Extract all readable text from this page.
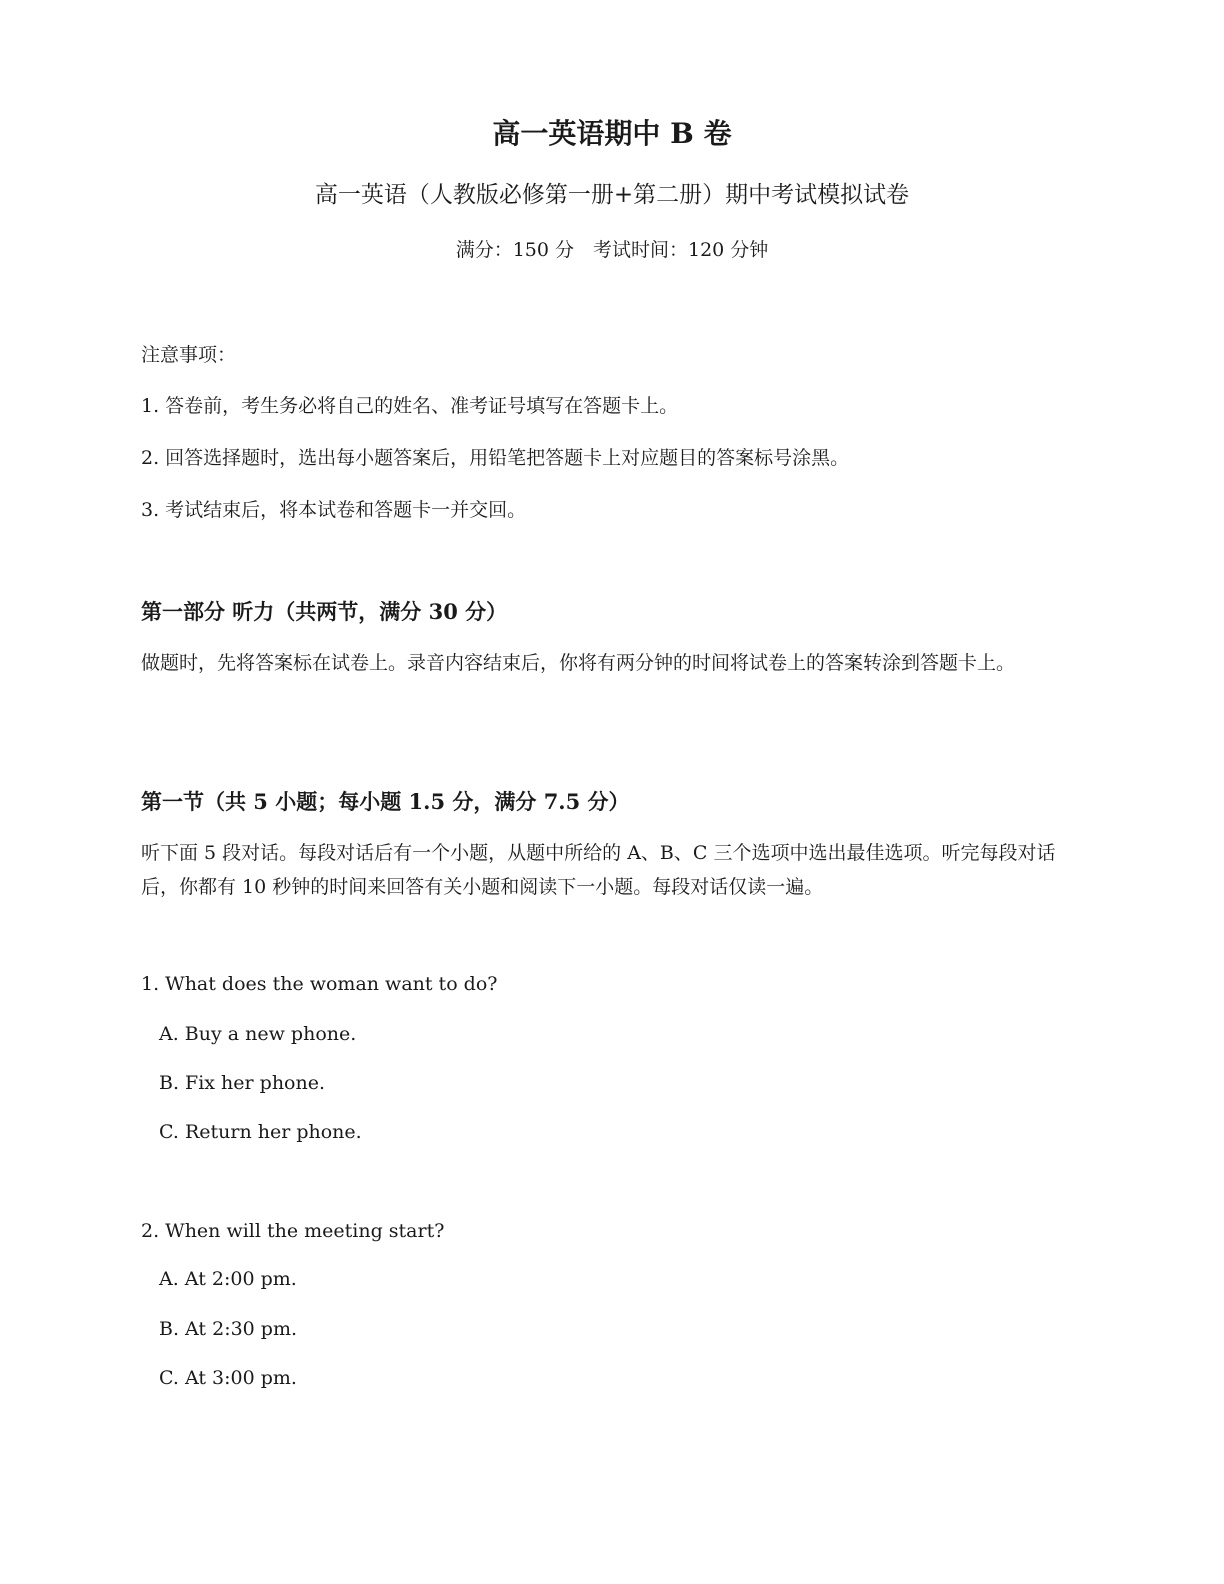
高一英语期中 B 卷

高一英语（人教版必修第一册+第二册）期中考试模拟试卷

满分：150 分　考试时间：120 分钟

注意事项：

1. 答卷前，考生务必将自己的姓名、准考证号填写在答题卡上。

2. 回答选择题时，选出每小题答案后，用铅笔把答题卡上对应题目的答案标号涂黑。

3. 考试结束后，将本试卷和答题卡一并交回。

第一部分 听力（共两节，满分 30 分）

做题时，先将答案标在试卷上。录音内容结束后，你将有两分钟的时间将试卷上的答案转涂到答题卡上。

第一节（共 5 小题；每小题 1.5 分，满分 7.5 分）

听下面 5 段对话。每段对话后有一个小题，从题中所给的 A、B、C 三个选项中选出最佳选项。听完每段对话后，你都有 10 秒钟的时间来回答有关小题和阅读下一小题。每段对话仅读一遍。

1. What does the woman want to do?

A. Buy a new phone.

B. Fix her phone.

C. Return her phone.

2. When will the meeting start?

A. At 2:00 pm.

B. At 2:30 pm.

C. At 3:00 pm.
